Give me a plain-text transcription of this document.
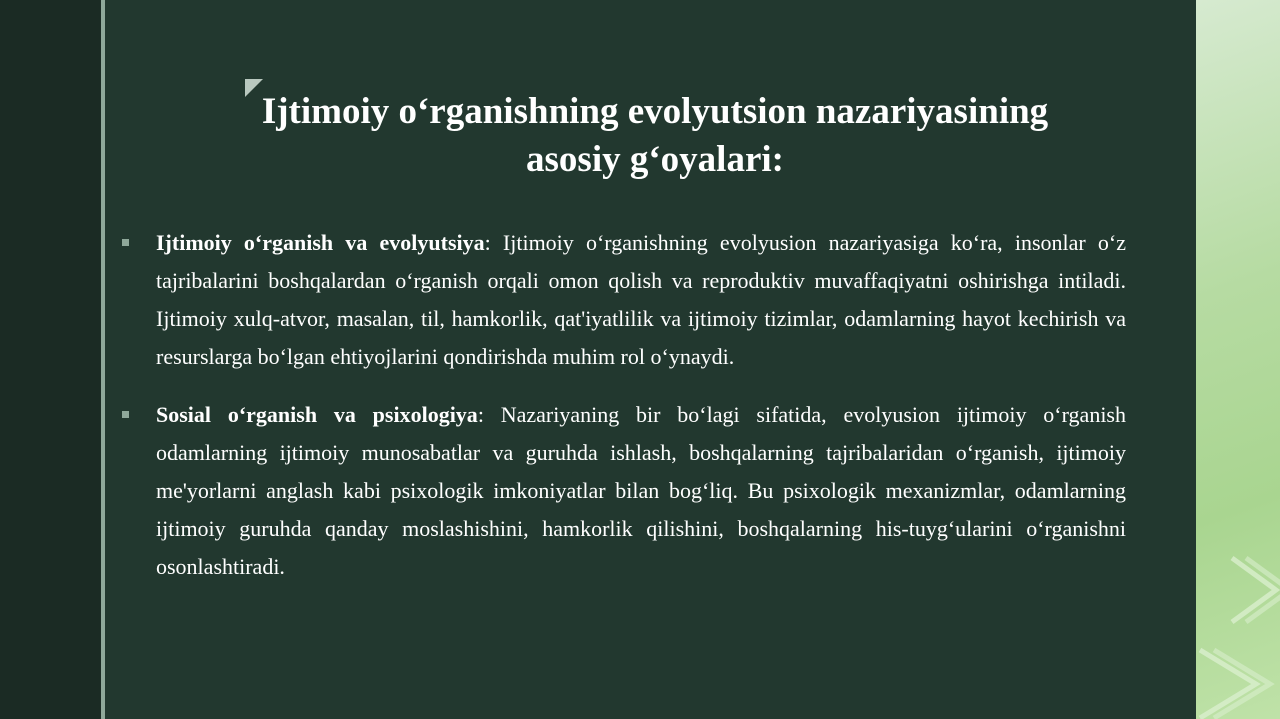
Ijtimoiy o‘rganishning evolyutsion nazariyasining
asosiy g‘oyalari:
Ijtimoiy o‘rganish va evolyutsiya: Ijtimoiy o‘rganishning evolyusion nazariyasiga ko‘ra, insonlar o‘z tajribalarini boshqalardan o‘rganish orqali omon qolish va reproduktiv muvaffaqiyatni oshirishga intiladi. Ijtimoiy xulq-atvor, masalan, til, hamkorlik, qat'iyatlilik va ijtimoiy tizimlar, odamlarning hayot kechirish va resurslarga bo‘lgan ehtiyojlarini qondirishda muhim rol o‘ynaydi.
Sosial o‘rganish va psixologiya: Nazariyaning bir bo‘lagi sifatida, evolyusion ijtimoiy o‘rganish odamlarning ijtimoiy munosabatlar va guruhda ishlash, boshqalarning tajribalaridan o‘rganish, ijtimoiy me'yorlarni anglash kabi psixologik imkoniyatlar bilan bog‘liq. Bu psixologik mexanizmlar, odamlarning ijtimoiy guruhda qanday moslashishini, hamkorlik qilishini, boshqalarning his-tuyg‘ularini o‘rganishni osonlashtiradi.
